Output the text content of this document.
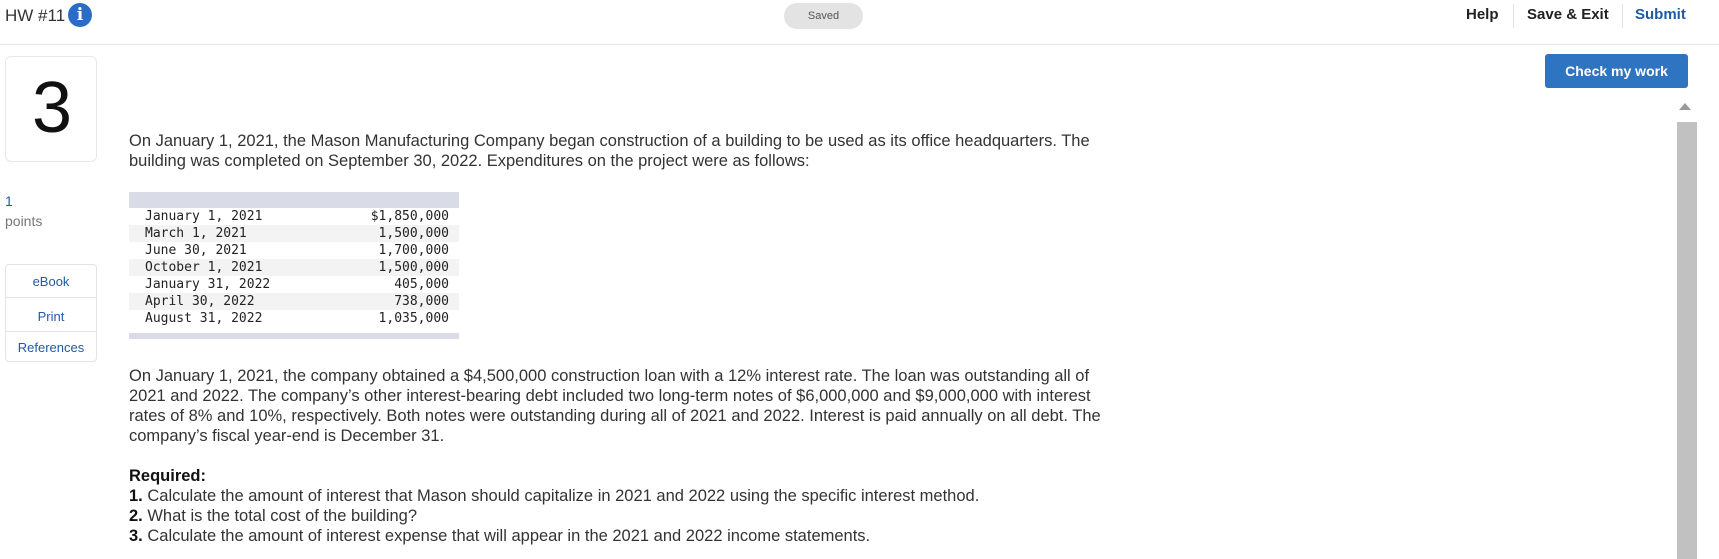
HW #11 i	Saved	Help Save & Exit Submit
Check my work
3
1
points
eBook
Print
References
On January 1, 2021, the Mason Manufacturing Company began construction of a building to be used as its office headquarters. The
building was completed on September 30, 2022. Expenditures on the project were as follows:
January 1, 2021	$1,850,000
March 1, 2021	1,500,000
June 30, 2021	1,700,000
October 1, 2021	1,500,000
January 31, 2022	405,000
April 30, 2022	738,000
August 31, 2022	1,035,000
On January 1, 2021, the company obtained a $4,500,000 construction loan with a 12% interest rate. The loan was outstanding all of
2021 and 2022. The company’s other interest-bearing debt included two long-term notes of $6,000,000 and $9,000,000 with interest
rates of 8% and 10%, respectively. Both notes were outstanding during all of 2021 and 2022. Interest is paid annually on all debt. The
company’s fiscal year-end is December 31.
Required:
1. Calculate the amount of interest that Mason should capitalize in 2021 and 2022 using the specific interest method.
2. What is the total cost of the building?
3. Calculate the amount of interest expense that will appear in the 2021 and 2022 income statements.
